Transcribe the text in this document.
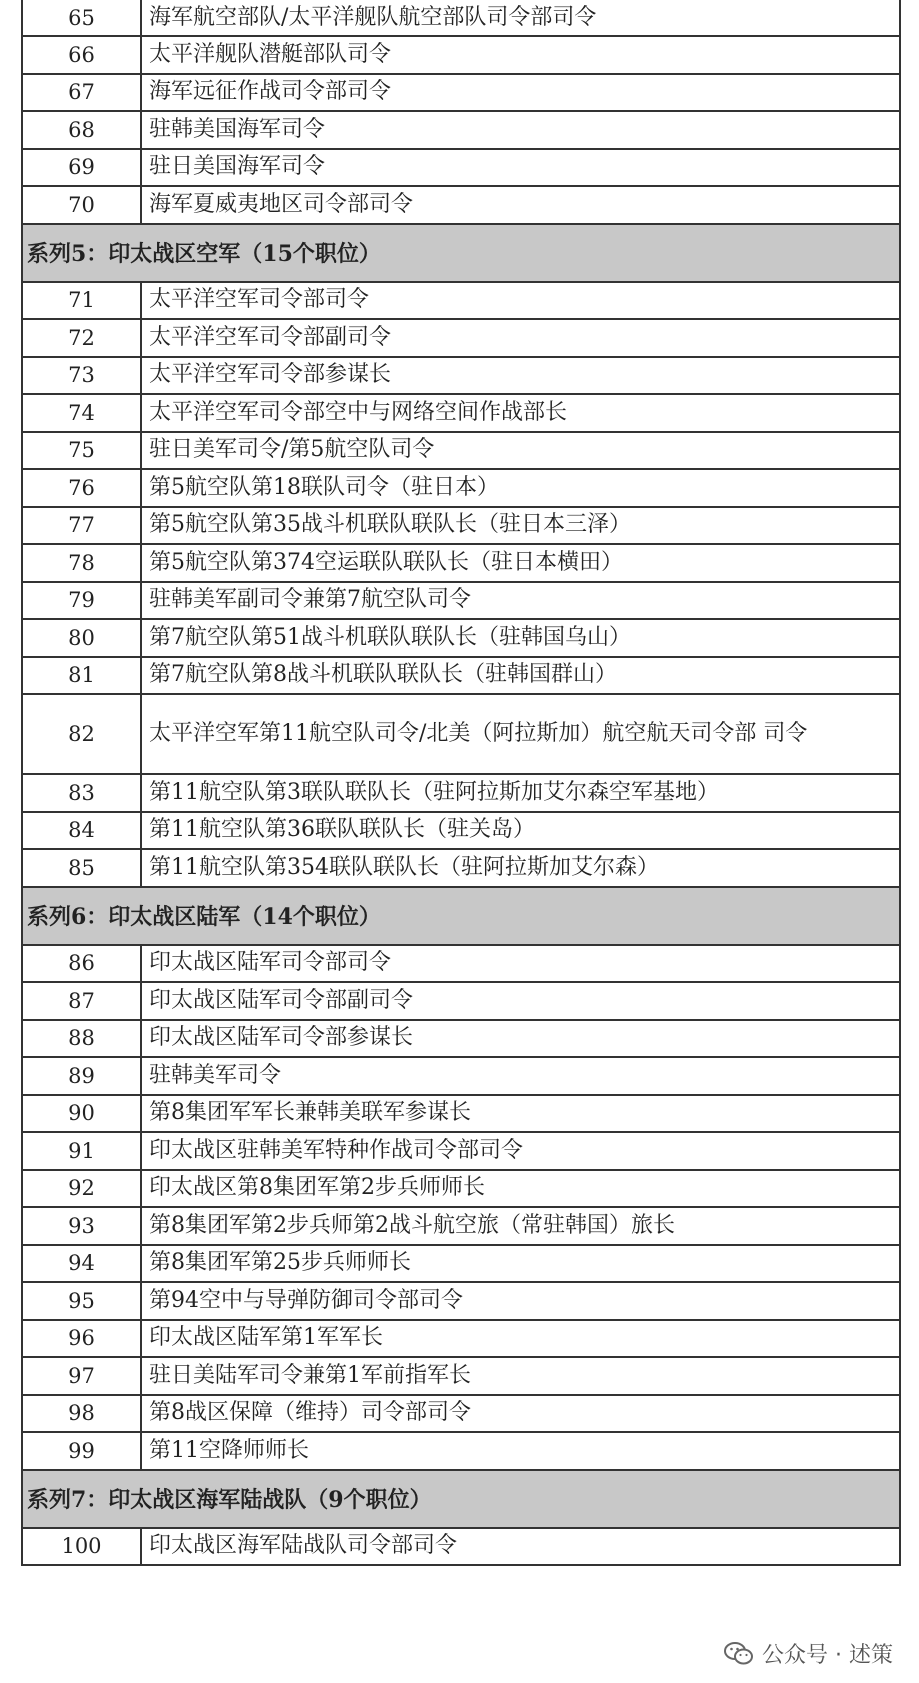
65	海军航空部队/太平洋舰队航空部队司令部司令
66	太平洋舰队潜艇部队司令
67	海军远征作战司令部司令
68	驻韩美国海军司令
69	驻日美国海军司令
70	海军夏威夷地区司令部司令
系列5：印太战区空军（15个职位）
71	太平洋空军司令部司令
72	太平洋空军司令部副司令
73	太平洋空军司令部参谋长
74	太平洋空军司令部空中与网络空间作战部长
75	驻日美军司令/第5航空队司令
76	第5航空队第18联队司令（驻日本）
77	第5航空队第35战斗机联队联队长（驻日本三泽）
78	第5航空队第374空运联队联队长（驻日本横田）
79	驻韩美军副司令兼第7航空队司令
80	第7航空队第51战斗机联队联队长（驻韩国乌山）
81	第7航空队第8战斗机联队联队长（驻韩国群山）
82	太平洋空军第11航空队司令/北美（阿拉斯加）航空航天司令部 司令
83	第11航空队第3联队联队长（驻阿拉斯加艾尔森空军基地）
84	第11航空队第36联队联队长（驻关岛）
85	第11航空队第354联队联队长（驻阿拉斯加艾尔森）
系列6：印太战区陆军（14个职位）
86	印太战区陆军司令部司令
87	印太战区陆军司令部副司令
88	印太战区陆军司令部参谋长
89	驻韩美军司令
90	第8集团军军长兼韩美联军参谋长
91	印太战区驻韩美军特种作战司令部司令
92	印太战区第8集团军第2步兵师师长
93	第8集团军第2步兵师第2战斗航空旅（常驻韩国）旅长
94	第8集团军第25步兵师师长
95	第94空中与导弹防御司令部司令
96	印太战区陆军第1军军长
97	驻日美陆军司令兼第1军前指军长
98	第8战区保障（维持）司令部司令
99	第11空降师师长
系列7：印太战区海军陆战队（9个职位）
100	印太战区海军陆战队司令部司令
公众号 · 述策
